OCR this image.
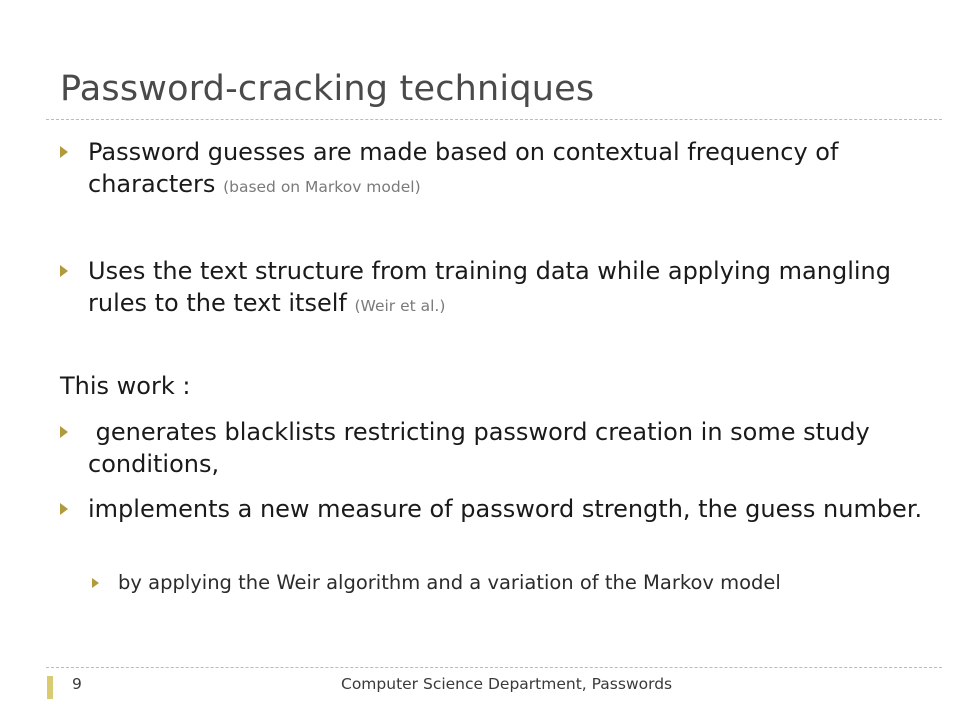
Password-cracking techniques
Password guesses are made based on contextual frequency of characters (based on Markov model)
Uses the text structure from training data while applying mangling rules to the text itself (Weir et al.)
This work :
generates blacklists restricting password creation in some study conditions,
implements a new measure of password strength, the guess number.
by applying the Weir algorithm and a variation of the Markov model
9	Computer Science Department, Passwords
